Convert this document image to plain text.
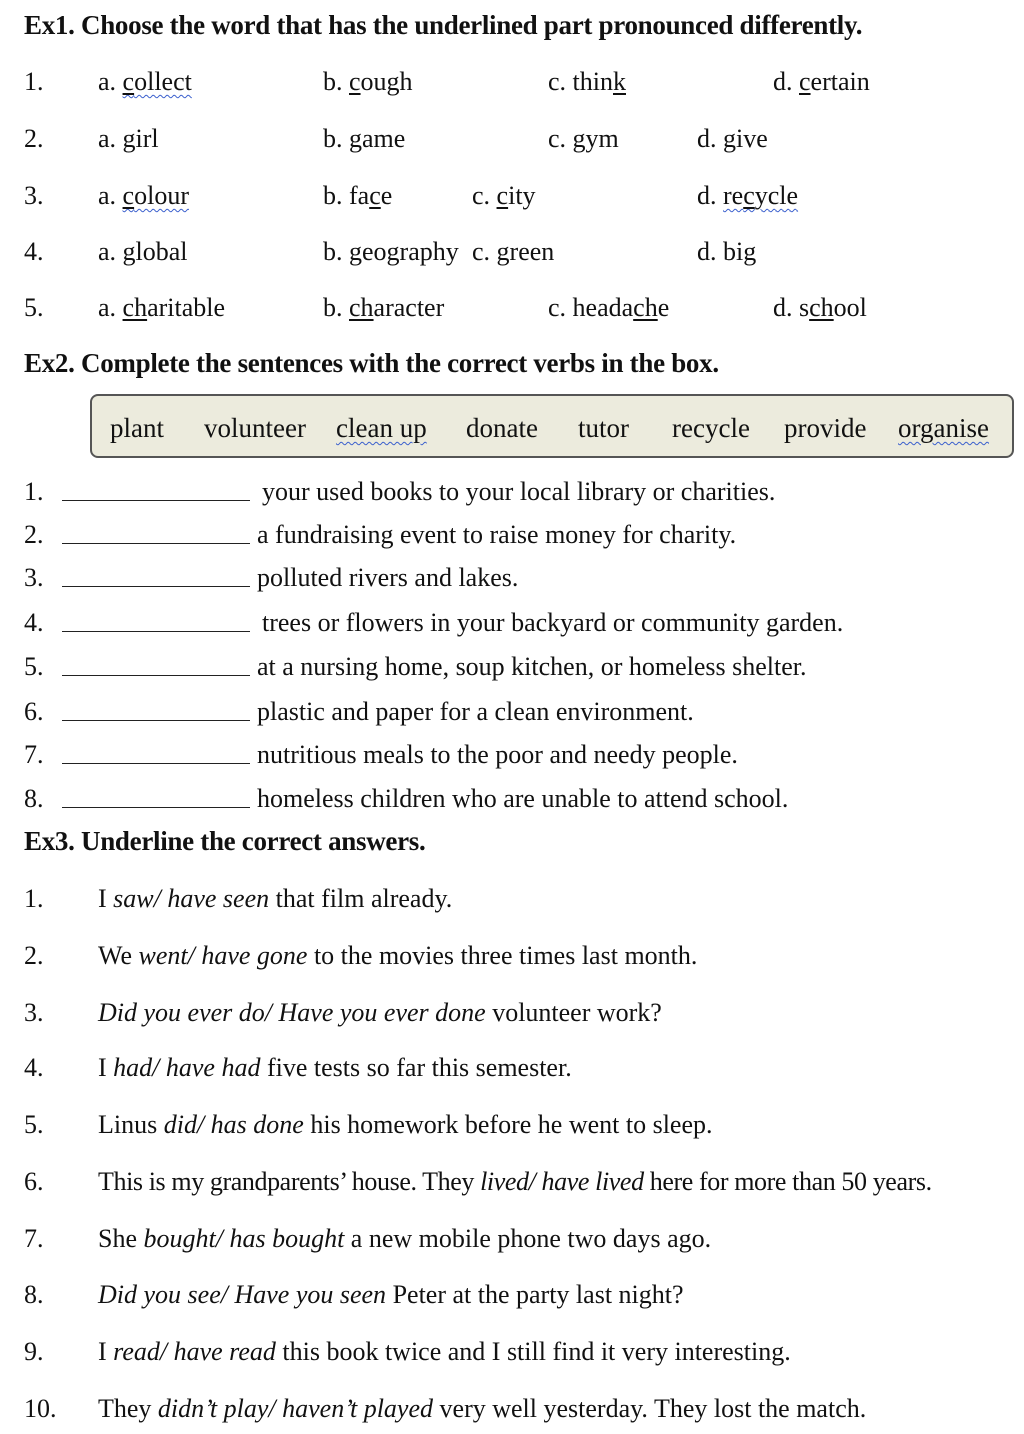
Ex1. Choose the word that has the underlined part pronounced differently.
1. a. collect	b. cough	c. think	d. certain
2. a. girl	b. game	c. gym	d. give
3. a. colour	b. face	c. city	d. recycle
4. a. global	b. geography c. green	d. big
5. a. charitable	b. character	c. headache	d. school
Ex2. Complete the sentences with the correct verbs in the box.
plant volunteer clean up donate tutor recycle provide organise
1.	your used books to your local library or charities.
2.	a fundraising event to raise money for charity.
3.	polluted rivers and lakes.
4.	trees or flowers in your backyard or community garden.
5.	at a nursing home, soup kitchen, or homeless shelter.
6.	plastic and paper for a clean environment.
7.	nutritious meals to the poor and needy people.
8.	homeless children who are unable to attend school.
Ex3. Underline the correct answers.
1. I saw/ have seen that film already.
2. We went/ have gone to the movies three times last month.
3. Did you ever do/ Have you ever done volunteer work?
4. I had/ have had five tests so far this semester.
5. Linus did/ has done his homework before he went to sleep.
6. This is my grandparents’ house. They lived/ have lived here for more than 50 years.
7. She bought/ has bought a new mobile phone two days ago.
8. Did you see/ Have you seen Peter at the party last night?
9. I read/ have read this book twice and I still find it very interesting.
10. They didn’t play/ haven’t played very well yesterday. They lost the match.
